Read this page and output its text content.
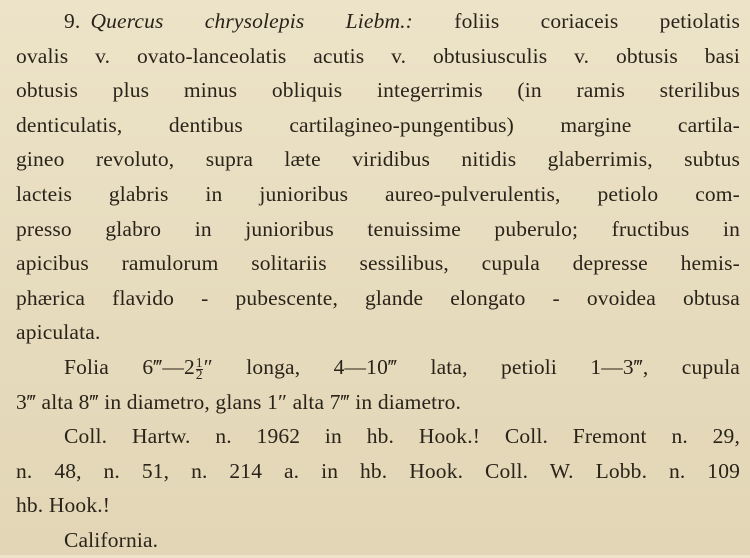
9. Quercus chrysolepis Liebm.: foliis coriaceis petiolatis
ovalis v. ovato-lanceolatis acutis v. obtusiusculis v. obtusis basi
obtusis plus minus obliquis integerrimis (in ramis sterilibus
denticulatis, dentibus cartilagineo-pungentibus) margine cartila-
gineo revoluto, supra læte viridibus nitidis glaberrimis, subtus
lacteis glabris in junioribus aureo-pulverulentis, petiolo com-
presso glabro in junioribus tenuissime puberulo; fructibus in
apicibus ramulorum solitariis sessilibus, cupula depresse hemis-
phærica flavido - pubescente, glande elongato - ovoidea obtusa
apiculata.
Folia 6‴—2 $\frac{1}{2}$ ″ longa, 4—10‴ lata, petioli 1—3‴, cupula
3‴ alta 8‴ in diametro, glans 1″ alta 7‴ in diametro.
Coll. Hartw. n. 1962 in hb. Hook.! Coll. Fremont n. 29,
n. 48, n. 51, n. 214 a. in hb. Hook. Coll. W. Lobb. n. 109
hb. Hook.!
California.
